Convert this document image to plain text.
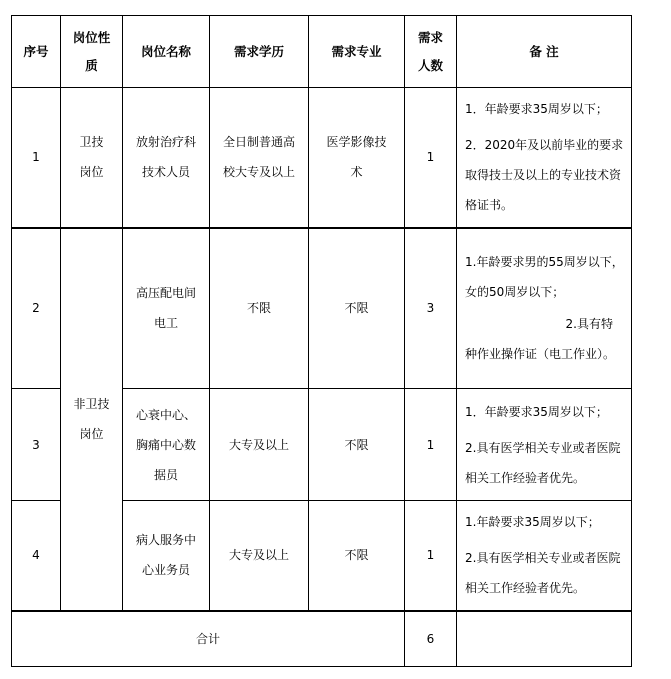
序号	岗位性质	岗位名称	需求学历	需求专业	需求人数	备 注
1	卫技 岗位	放射治疗科技术人员	全日制普通高校大专及以上	医学影像技术	1	1．年龄要求35周岁以下；

2．2020年及以前毕业的要求取得技士及以上的专业技术资格证书。

2	非卫技岗位	高压配电间电工	不限	不限	3	1.年龄要求男的55周岁以下，女的50周岁以下；

2.具有特

种作业操作证（电工作业）。

3		心衰中心、胸痛中心数据员	大专及以上	不限	1	1．年龄要求35周岁以下；

2.具有医学相关专业或者医院相关工作经验者优先。

4		病人服务中心业务员	大专及以上	不限	1	1.年龄要求35周岁以下；

2.具有医学相关专业或者医院相关工作经验者优先。

合计					6	
